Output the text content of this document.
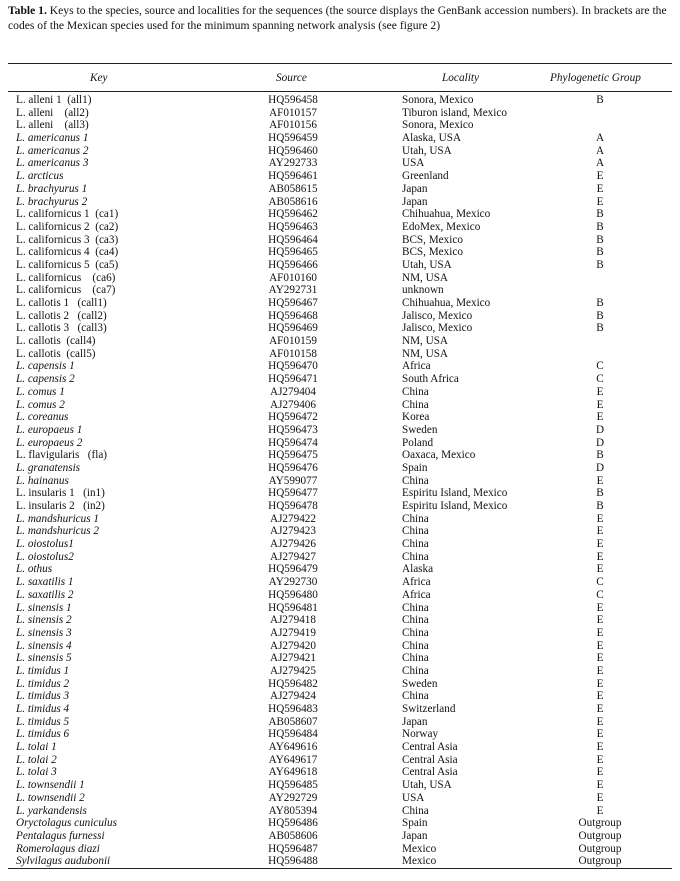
Table 1. Keys to the species, source and localities for the sequences (the source displays the GenBank accession numbers). In brackets are the codes of the Mexican species used for the minimum spanning network analysis (see figure 2)
Key	Source	Locality	Phylogenetic Group
L. alleni 1  (all1)	HQ596458	Sonora, Mexico	B
L. alleni    (all2)	AF010157	Tiburon island, Mexico
L. alleni    (all3)	AF010156	Sonora, Mexico
L. americanus 1	HQ596459	Alaska, USA	A
L. americanus 2	HQ596460	Utah, USA	A
L. americanus 3	AY292733	USA	A
L. arcticus	HQ596461	Greenland	E
L. brachyurus 1	AB058615	Japan	E
L. brachyurus 2	AB058616	Japan	E
L. californicus 1  (ca1)	HQ596462	Chihuahua, Mexico	B
L. californicus 2  (ca2)	HQ596463	EdoMex, Mexico	B
L. californicus 3  (ca3)	HQ596464	BCS, Mexico	B
L. californicus 4  (ca4)	HQ596465	BCS, Mexico	B
L. californicus 5  (ca5)	HQ596466	Utah, USA	B
L. californicus    (ca6)	AF010160	NM, USA
L. californicus    (ca7)	AY292731	unknown
L. callotis 1   (call1)	HQ596467	Chihuahua, Mexico	B
L. callotis 2   (call2)	HQ596468	Jalisco, Mexico	B
L. callotis 3   (call3)	HQ596469	Jalisco, Mexico	B
L. callotis  (call4)	AF010159	NM, USA
L. callotis  (call5)	AF010158	NM, USA
L. capensis 1	HQ596470	Africa	C
L. capensis 2	HQ596471	South Africa	C
L. comus 1	AJ279404	China	E
L. comus 2	AJ279406	China	E
L. coreanus	HQ596472	Korea	E
L. europaeus 1	HQ596473	Sweden	D
L. europaeus 2	HQ596474	Poland	D
L. flavigularis   (fla)	HQ596475	Oaxaca, Mexico	B
L. granatensis	HQ596476	Spain	D
L. hainanus	AY599077	China	E
L. insularis 1   (in1)	HQ596477	Espiritu Island, Mexico	B
L. insularis 2   (in2)	HQ596478	Espiritu Island, Mexico	B
L. mandshuricus 1	AJ279422	China	E
L. mandshuricus 2	AJ279423	China	E
L. oiostolus1	AJ279426	China	E
L. oiostolus2	AJ279427	China	E
L. othus	HQ596479	Alaska	E
L. saxatilis 1	AY292730	Africa	C
L. saxatilis 2	HQ596480	Africa	C
L. sinensis 1	HQ596481	China	E
L. sinensis 2	AJ279418	China	E
L. sinensis 3	AJ279419	China	E
L. sinensis 4	AJ279420	China	E
L. sinensis 5	AJ279421	China	E
L. timidus 1	AJ279425	China	E
L. timidus 2	HQ596482	Sweden	E
L. timidus 3	AJ279424	China	E
L. timidus 4	HQ596483	Switzerland	E
L. timidus 5	AB058607	Japan	E
L. timidus 6	HQ596484	Norway	E
L. tolai 1	AY649616	Central Asia	E
L. tolai 2	AY649617	Central Asia	E
L. tolai 3	AY649618	Central Asia	E
L. townsendii 1	HQ596485	Utah, USA	E
L. townsendii 2	AY292729	USA	E
L. yarkandensis	AY805394	China	E
Oryctolagus cuniculus	HQ596486	Spain	Outgroup
Pentalagus furnessi	AB058606	Japan	Outgroup
Romerolagus diazi	HQ596487	Mexico	Outgroup
Sylvilagus audubonii	HQ596488	Mexico	Outgroup
